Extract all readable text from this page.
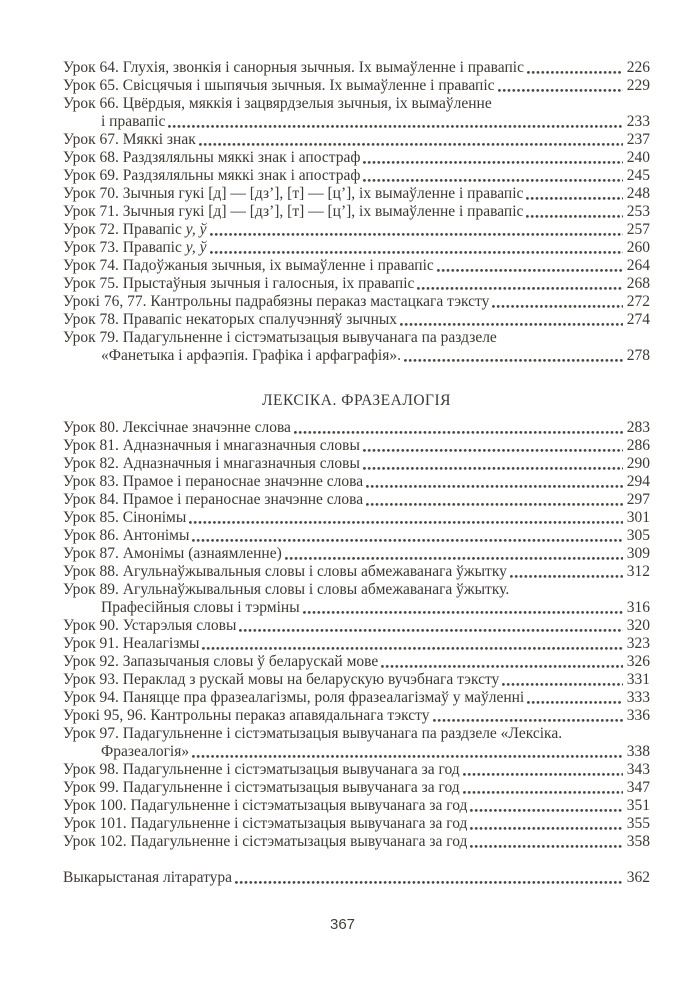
Урок 64. Глухія, звонкія і санорныя зычныя. Іх вымаўленне і правапіс	226
Урок 65. Свісцячыя і шыпячыя зычныя. Іх вымаўленне і правапіс	229
Урок 66. Цвёрдыя, мяккія і зацвярдзелыя зычныя, іх вымаўленне
і правапіс	233
Урок 67. Мяккі знак	237
Урок 68. Раздзяляльны мяккі знак і апостраф	240
Урок 69. Раздзяляльны мяккі знак і апостраф	245
Урок 70. Зычныя гукі [д] — [дз’], [т] — [ц’], іх вымаўленне і правапіс	248
Урок 71. Зычныя гукі [д] — [дз’], [т] — [ц’], іх вымаўленне і правапіс	253
Урок 72. Правапіс у, ў	257
Урок 73. Правапіс у, ў	260
Урок 74. Падоўжаныя зычныя, іх вымаўленне і правапіс	264
Урок 75. Прыстаўныя зычныя і галосныя, іх правапіс	268
Урокі 76, 77. Кантрольны падрабязны пераказ мастацкага тэксту	272
Урок 78. Правапіс некаторых спалучэнняў зычных	274
Урок 79. Падагульненне і сістэматызацыя вывучанага па раздзеле
«Фанетыка і арфаэпія. Графіка і арфаграфія».	278
ЛЕКСІКА. ФРАЗЕАЛОГІЯ
Урок 80. Лексічнае значэнне слова	283
Урок 81. Адназначныя і мнагазначныя словы	286
Урок 82. Адназначныя і мнагазначныя словы	290
Урок 83. Прамое і пераноснае значэнне слова	294
Урок 84. Прамое і пераноснае значэнне слова	297
Урок 85. Сінонімы	301
Урок 86. Антонімы	305
Урок 87. Амонімы (азнаямленне)	309
Урок 88. Агульнаўжывальныя словы і словы абмежаванага ўжытку	312
Урок 89. Агульнаўжывальныя словы і словы абмежаванага ўжытку.
Прафесійныя словы і тэрміны	316
Урок 90. Устарэлыя словы	320
Урок 91. Неалагізмы	323
Урок 92. Запазычаныя словы ў беларускай мове	326
Урок 93. Пераклад з рускай мовы на беларускую вучэбнага тэксту	331
Урок 94. Паняцце пра фразеалагізмы, роля фразеалагізмаў у маўленні	333
Урокі 95, 96. Кантрольны пераказ апавядальнага тэксту	336
Урок 97. Падагульненне і сістэматызацыя вывучанага па раздзеле «Лексіка.
Фразеалогія»	338
Урок 98. Падагульненне і сістэматызацыя вывучанага за год	343
Урок 99. Падагульненне і сістэматызацыя вывучанага за год	347
Урок 100. Падагульненне і сістэматызацыя вывучанага за год	351
Урок 101. Падагульненне і сістэматызацыя вывучанага за год	355
Урок 102. Падагульненне і сістэматызацыя вывучанага за год	358
Выкарыстаная літаратура	362
367
